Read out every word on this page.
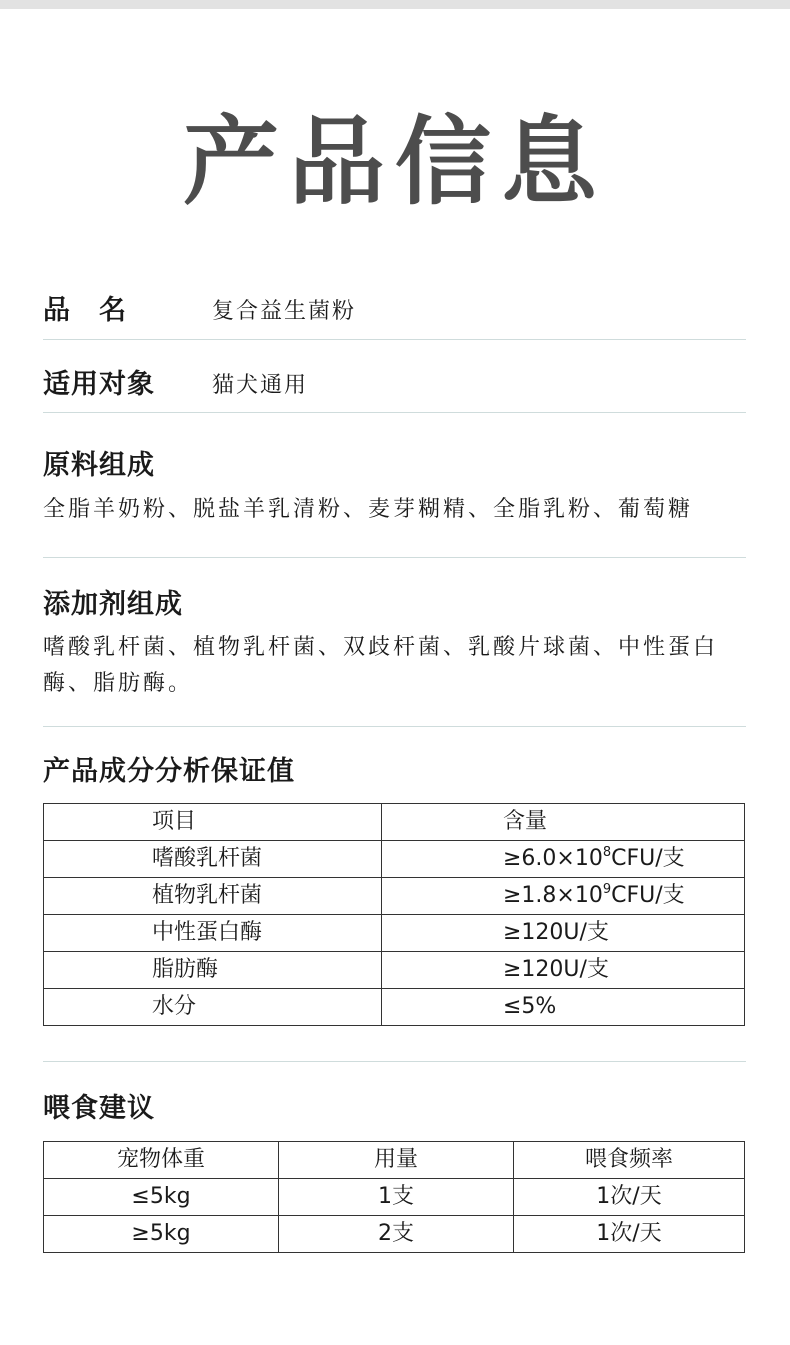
产品信息
品　名	复合益生菌粉
适用对象	猫犬通用
原料组成
全脂羊奶粉、脱盐羊乳清粉、麦芽糊精、全脂乳粉、葡萄糖
添加剂组成
嗜酸乳杆菌、植物乳杆菌、双歧杆菌、乳酸片球菌、中性蛋白酶、脂肪酶。
产品成分分析保证值
项目	含量
嗜酸乳杆菌	$\ge 6.0\times 10^8CFU/$支
植物乳杆菌	$\ge 1.8\times 10^9CFU/$支
中性蛋白酶	≥120U/支
脂肪酶	≥120U/支
水分	≤5%
喂食建议
宠物体重	用量	喂食频率
≤5kg	1支	1次/天
≥5kg	2支	1次/天
